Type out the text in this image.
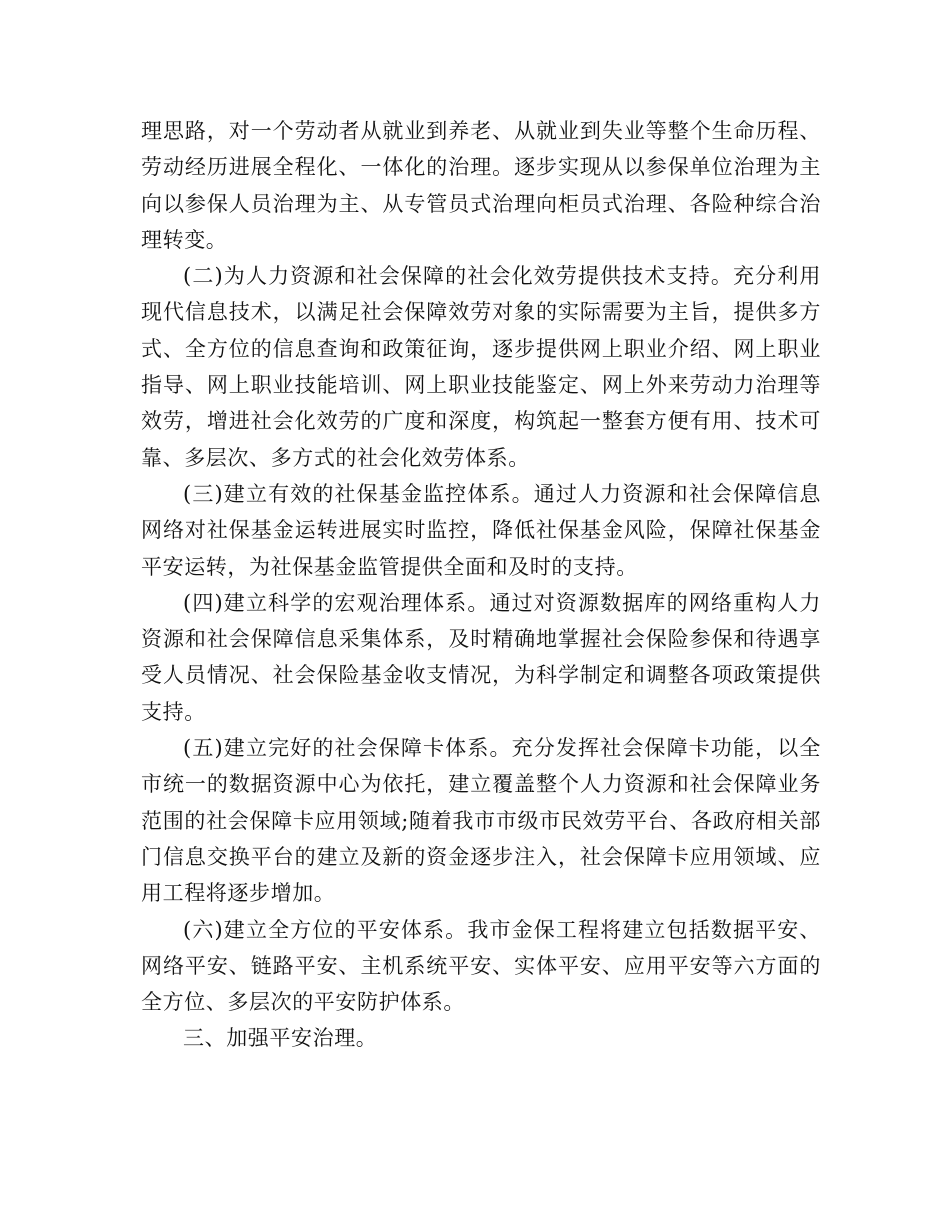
理思路，对一个劳动者从就业到养老、从就业到失业等整个生命历程、劳动经历进展全程化、一体化的治理。逐步实现从以参保单位治理为主向以参保人员治理为主、从专管员式治理向柜员式治理、各险种综合治理转变。

(二)为人力资源和社会保障的社会化效劳提供技术支持。充分利用现代信息技术，以满足社会保障效劳对象的实际需要为主旨，提供多方式、全方位的信息查询和政策征询，逐步提供网上职业介绍、网上职业指导、网上职业技能培训、网上职业技能鉴定、网上外来劳动力治理等效劳，增进社会化效劳的广度和深度，构筑起一整套方便有用、技术可靠、多层次、多方式的社会化效劳体系。

(三)建立有效的社保基金监控体系。通过人力资源和社会保障信息网络对社保基金运转进展实时监控，降低社保基金风险，保障社保基金平安运转，为社保基金监管提供全面和及时的支持。

(四)建立科学的宏观治理体系。通过对资源数据库的网络重构人力资源和社会保障信息采集体系，及时精确地掌握社会保险参保和待遇享受人员情况、社会保险基金收支情况，为科学制定和调整各项政策提供支持。

(五)建立完好的社会保障卡体系。充分发挥社会保障卡功能，以全市统一的数据资源中心为依托，建立覆盖整个人力资源和社会保障业务范围的社会保障卡应用领域;随着我市市级市民效劳平台、各政府相关部门信息交换平台的建立及新的资金逐步注入，社会保障卡应用领域、应用工程将逐步增加。

(六)建立全方位的平安体系。我市金保工程将建立包括数据平安、网络平安、链路平安、主机系统平安、实体平安、应用平安等六方面的全方位、多层次的平安防护体系。

三、加强平安治理。
